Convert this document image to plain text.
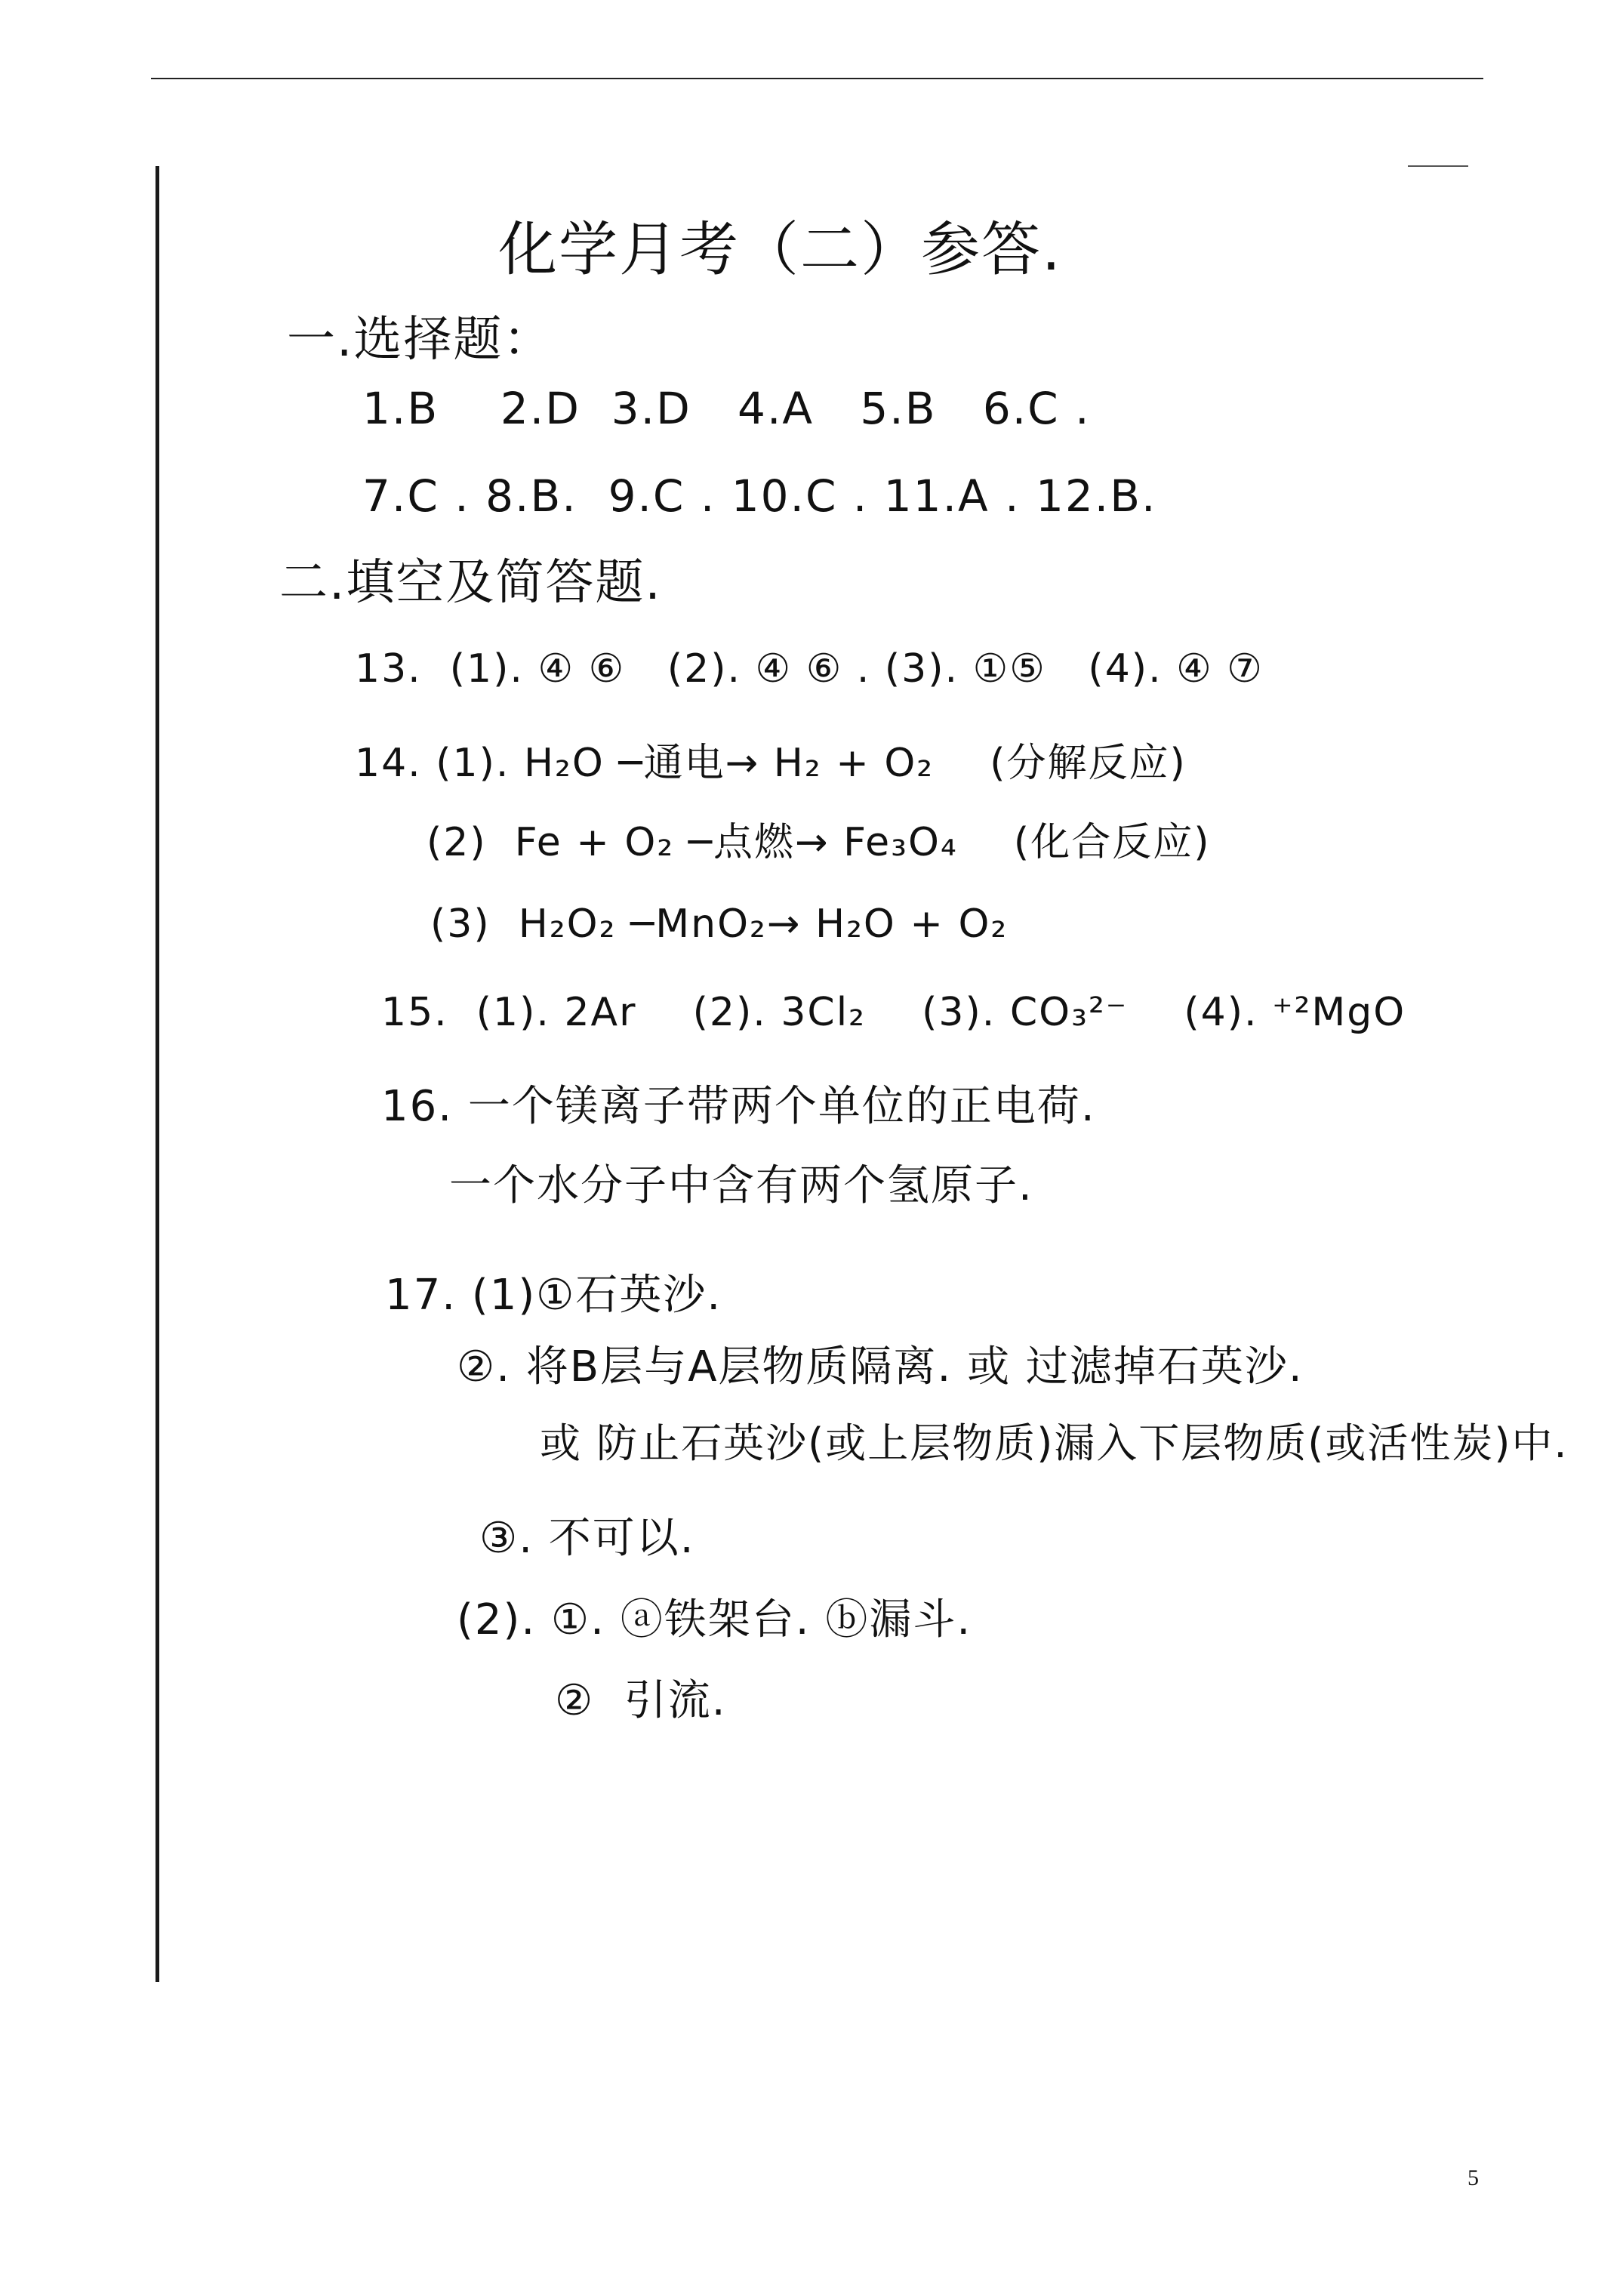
化学月考（二）参答.
一.选择题：
1.B    2.D  3.D   4.A   5.B   6.C .
7.C . 8.B.  9.C . 10.C . 11.A . 12.B.
二.填空及简答题.
13.  (1). ④ ⑥   (2). ④ ⑥ . (3). ①⑤   (4). ④ ⑦
14. (1). H₂O ─通电→ H₂ + O₂    (分解反应)
(2)  Fe + O₂ ─点燃→ Fe₃O₄    (化合反应)
(3)  H₂O₂ ─MnO₂→ H₂O + O₂
15.  (1). 2Ar    (2). 3Cl₂    (3). CO₃²⁻    (4). ⁺²MgO
16. 一个镁离子带两个单位的正电荷.
一个水分子中含有两个氢原子.
17. (1)①石英沙.
②. 将B层与A层物质隔离. 或 过滤掉石英沙.
或 防止石英沙(或上层物质)漏入下层物质(或活性炭)中.
③. 不可以.
(2). ①. ⓐ铁架台. ⓑ漏斗.
②  引流.
5
